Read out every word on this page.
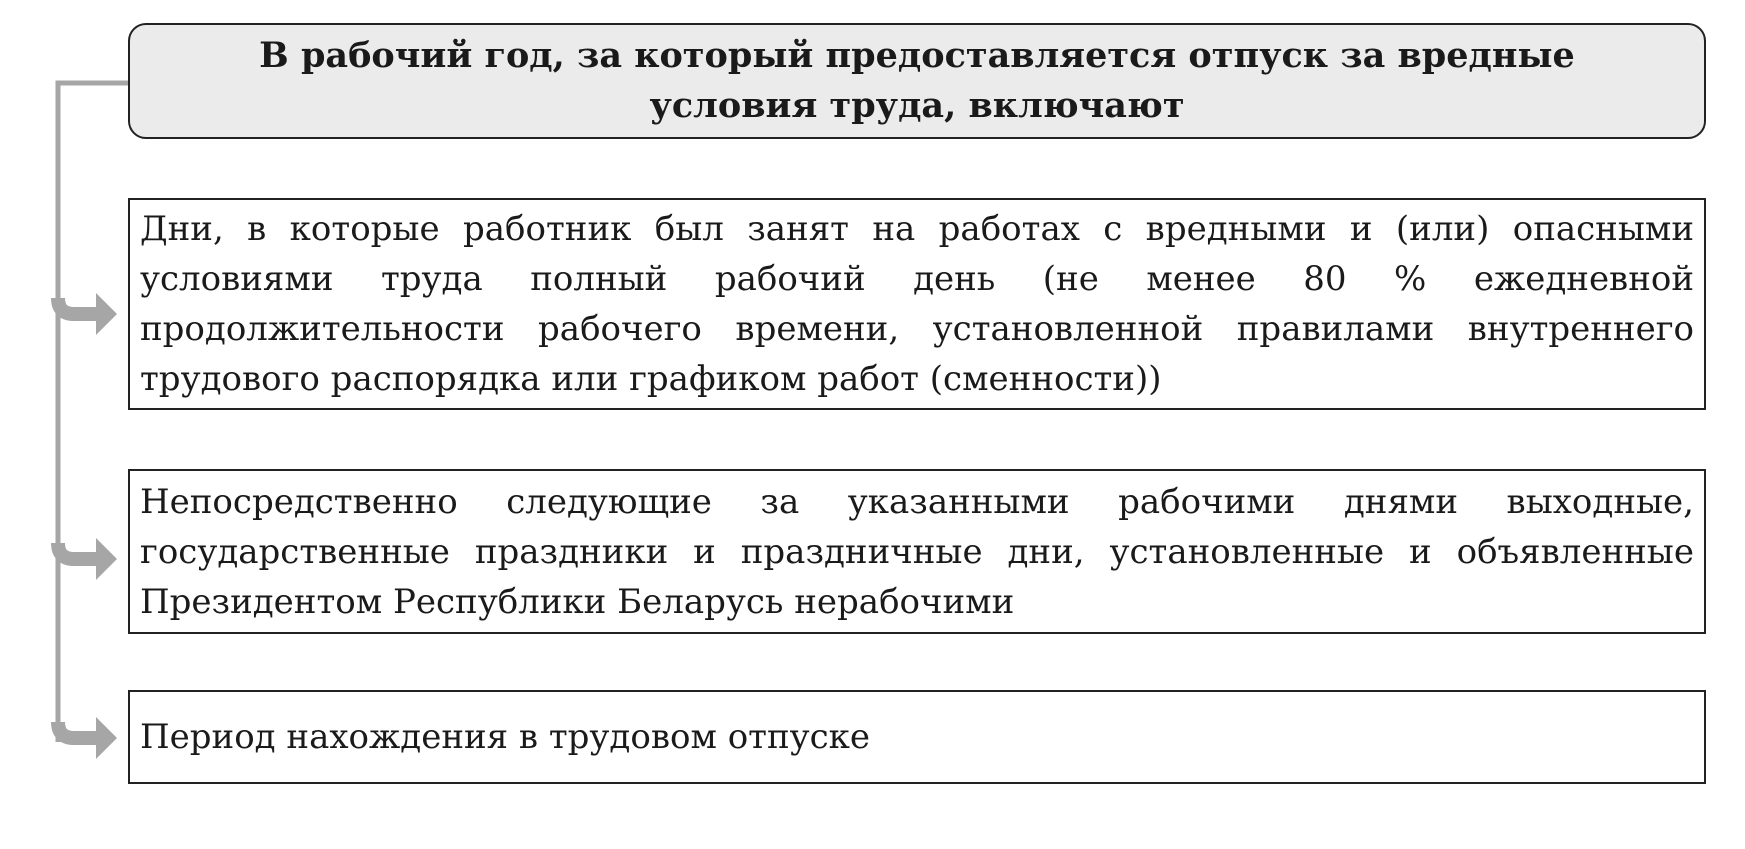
В рабочий год, за который предоставляется отпуск за вредные условия труда, включают
Дни, в которые работник был занят на работах с вредными и (или) опасными условиями труда полный рабочий день (не менее 80 % ежедневной продолжительности рабочего времени, установленной правилами внутреннего трудового распорядка или графиком работ (сменности))
Непосредственно следующие за указанными рабочими днями выходные, государственные праздники и праздничные дни, установленные и объявленные Президентом Республики Беларусь нерабочими
Период нахождения в трудовом отпуске
